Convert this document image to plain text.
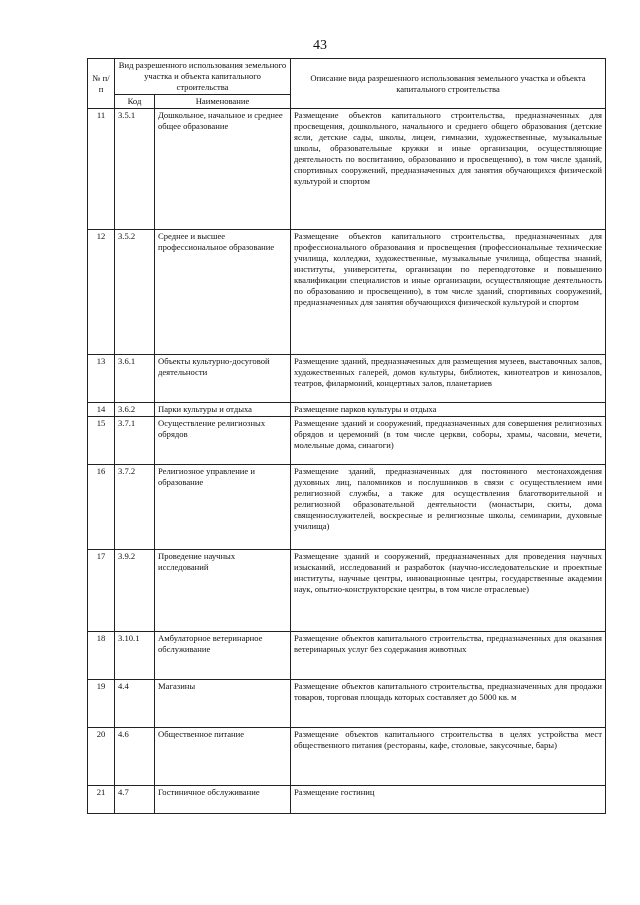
43
№ п/п	Вид разрешенного использования земельного участка и объекта капитального строительства		Описание вида разрешенного использования земельного участка и объекта капитального строительства
	Код	Наименование	
11	3.5.1	Дошкольное, начальное и среднее общее образование	Размещение объектов капитального строительства, предназначенных для просвещения, дошкольного, начального и среднего общего образования (детские ясли, детские сады, школы, лицеи, гимназии, художественные, музыкальные школы, образовательные кружки и иные организации, осуществляющие деятельность по воспитанию, образованию и просвещению), в том числе зданий, спортивных сооружений, предназначенных для занятия обучающихся физической культурой и спортом
12	3.5.2	Среднее и высшее профессиональное образование	Размещение объектов капитального строительства, предназначенных для профессионального образования и просвещения (профессиональные технические училища, колледжи, художественные, музыкальные училища, общества знаний, институты, университеты, организации по переподготовке и повышению квалификации специалистов и иные организации, осуществляющие деятельность по образованию и просвещению), в том числе зданий, спортивных сооружений, предназначенных для занятия обучающихся физической культурой и спортом
13	3.6.1	Объекты культурно-досуговой деятельности	Размещение зданий, предназначенных для размещения музеев, выставочных залов, художественных галерей, домов культуры, библиотек, кинотеатров и кинозалов, театров, филармоний, концертных залов, планетариев
14	3.6.2	Парки культуры и отдыха	Размещение парков культуры и отдыха
15	3.7.1	Осуществление религиозных обрядов	Размещение зданий и сооружений, предназначенных для совершения религиозных обрядов и церемоний (в том числе церкви, соборы, храмы, часовни, мечети, молельные дома, синагоги)
16	3.7.2	Религиозное управление и образование	Размещение зданий, предназначенных для постоянного местонахождения духовных лиц, паломников и послушников в связи с осуществлением ими религиозной службы, а также для осуществления благотворительной и религиозной образовательной деятельности (монастыри, скиты, дома священнослужителей, воскресные и религиозные школы, семинарии, духовные училища)
17	3.9.2	Проведение научных исследований	Размещение зданий и сооружений, предназначенных для проведения научных изысканий, исследований и разработок (научно-исследовательские и проектные институты, научные центры, инновационные центры, государственные академии наук, опытно-конструкторские центры, в том числе отраслевые)
18	3.10.1	Амбулаторное ветеринарное обслуживание	Размещение объектов капитального строительства, предназначенных для оказания ветеринарных услуг без содержания животных
19	4.4	Магазины	Размещение объектов капитального строительства, предназначенных для продажи товаров, торговая площадь которых составляет до 5000 кв. м
20	4.6	Общественное питание	Размещение объектов капитального строительства в целях устройства мест общественного питания (рестораны, кафе, столовые, закусочные, бары)
21	4.7	Гостиничное обслуживание	Размещение гостиниц
